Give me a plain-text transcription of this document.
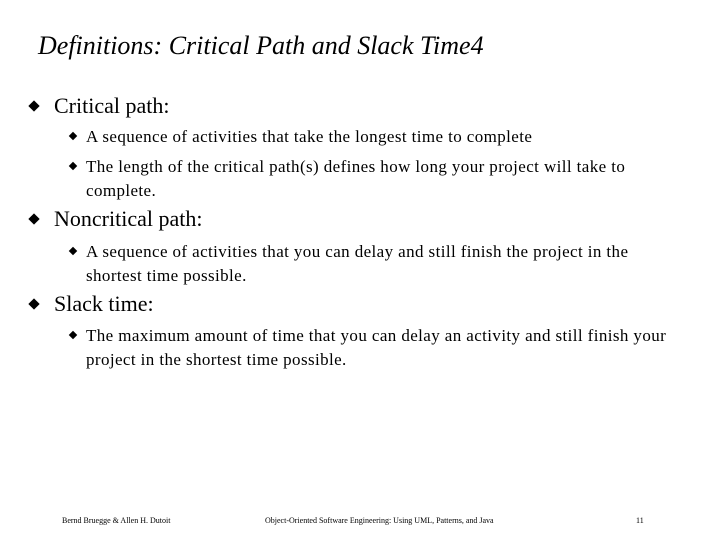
Definitions: Critical Path and Slack Time4
Critical path:
A sequence of activities that take the longest time to complete
The length of the critical path(s) defines how long your project will take to complete.
Noncritical path:
A sequence of activities that you can delay and still finish the project in the shortest time possible.
Slack time:
The maximum amount of time that you can delay an activity and still finish your project in the shortest time possible.
Bernd Bruegge & Allen H. Dutoit	Object-Oriented Software Engineering: Using UML, Patterns, and Java	11
